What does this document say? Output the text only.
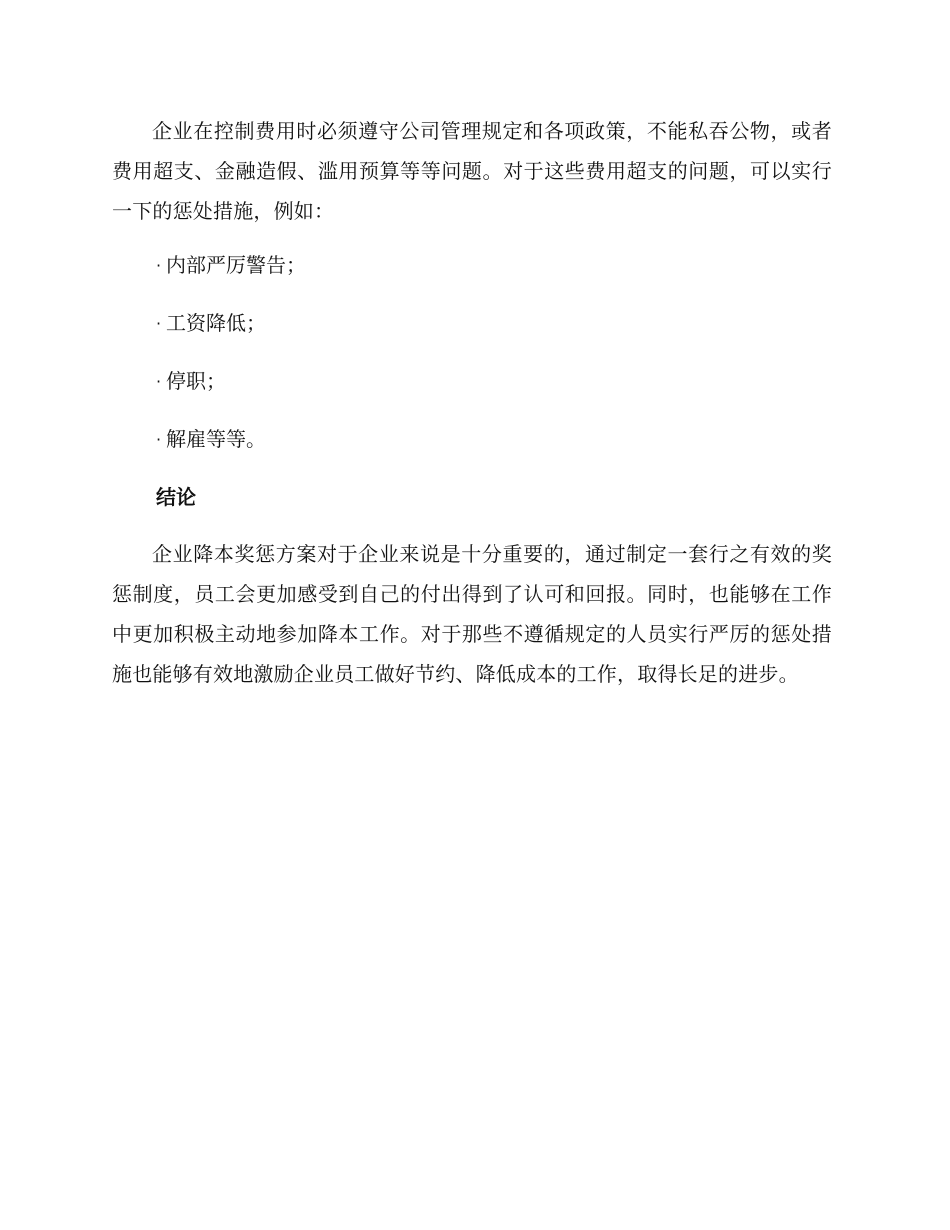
企业在控制费用时必须遵守公司管理规定和各项政策，不能私吞公物，或者费用超支、金融造假、滥用预算等等问题。对于这些费用超支的问题，可以实行一下的惩处措施，例如：

· 内部严厉警告；
· 工资降低；
· 停职；
· 解雇等等。
结论

企业降本奖惩方案对于企业来说是十分重要的，通过制定一套行之有效的奖惩制度，员工会更加感受到自己的付出得到了认可和回报。同时，也能够在工作中更加积极主动地参加降本工作。对于那些不遵循规定的人员实行严厉的惩处措施也能够有效地激励企业员工做好节约、降低成本的工作，取得长足的进步。
